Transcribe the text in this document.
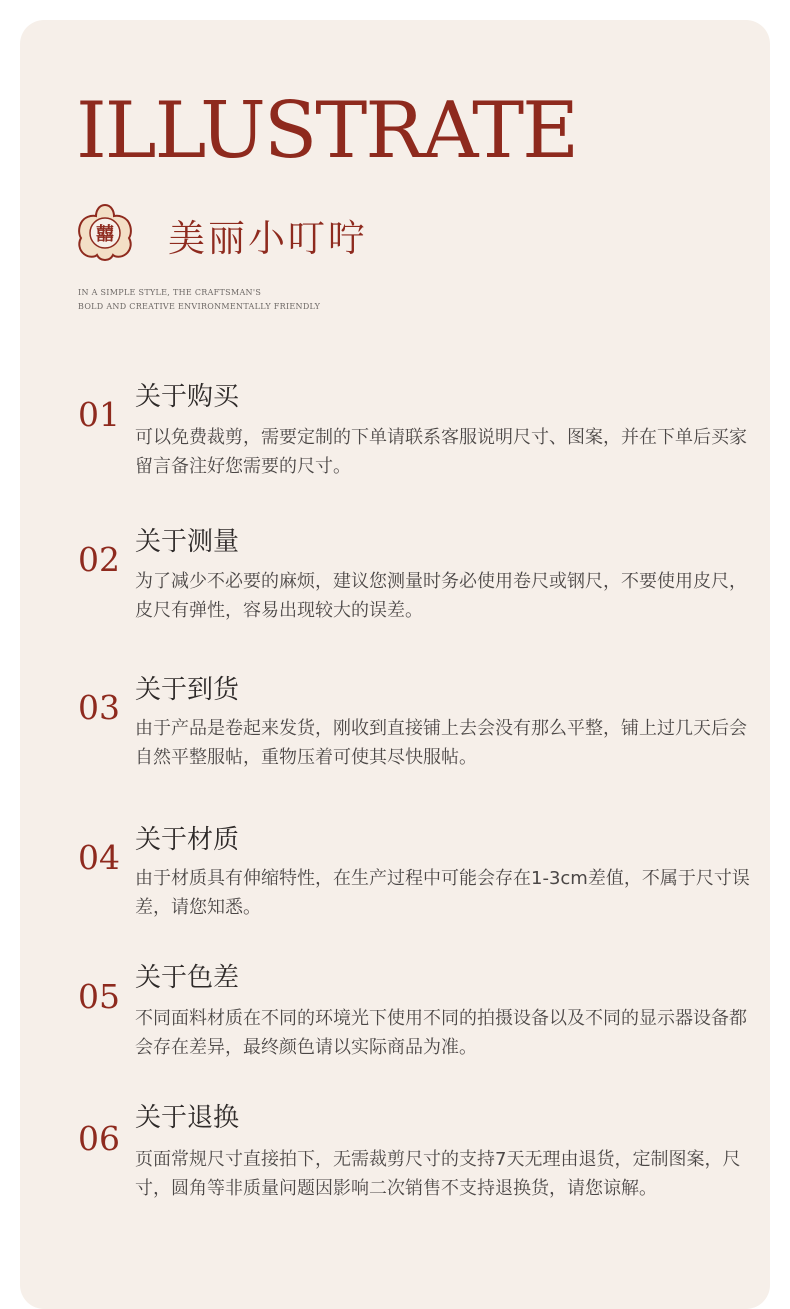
ILLUSTRATE
囍 美丽小叮咛
IN A SIMPLE STYLE, THE CRAFTSMAN'S
BOLD AND CREATIVE ENVIRONMENTALLY FRIENDLY
01 关于购买
可以免费裁剪，需要定制的下单请联系客服说明尺寸、图案，并在下单后买家留言备注好您需要的尺寸。
02 关于测量
为了减少不必要的麻烦，建议您测量时务必使用卷尺或钢尺，不要使用皮尺，皮尺有弹性，容易出现较大的误差。
03 关于到货
由于产品是卷起来发货，刚收到直接铺上去会没有那么平整，铺上过几天后会自然平整服帖，重物压着可使其尽快服帖。
04 关于材质
由于材质具有伸缩特性，在生产过程中可能会存在1-3cm差值，不属于尺寸误差，请您知悉。
05 关于色差
不同面料材质在不同的环境光下使用不同的拍摄设备以及不同的显示器设备都会存在差异，最终颜色请以实际商品为准。
06
关于退换
页面常规尺寸直接拍下，无需裁剪尺寸的支持7天无理由退货，定制图案，尺寸，圆角等非质量问题因影响二次销售不支持退换货，请您谅解。
